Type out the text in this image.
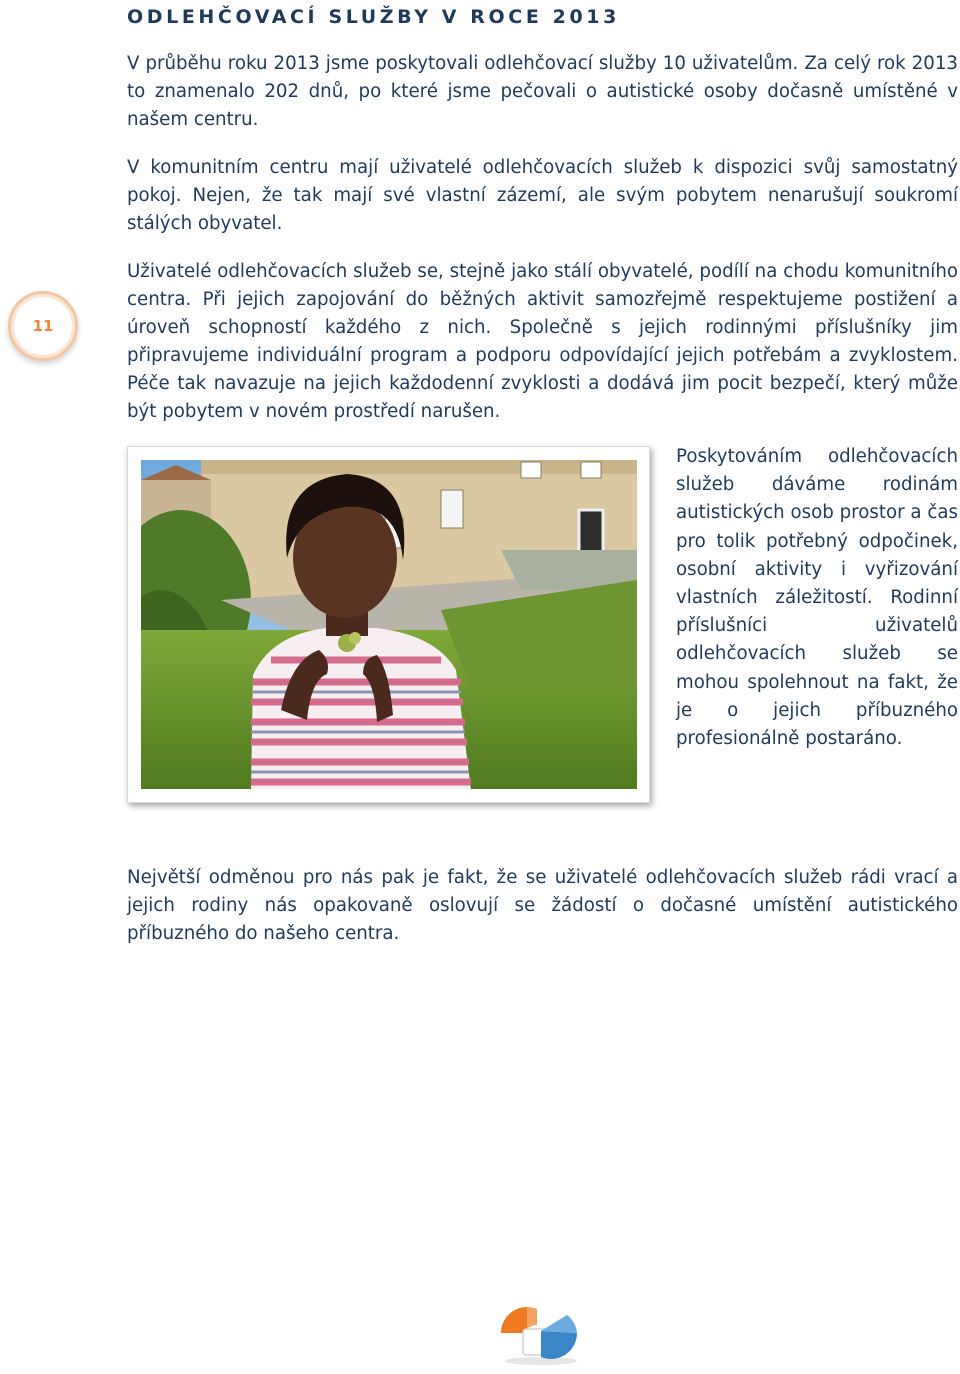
ODLEHČOVACÍ SLUŽBY V ROCE 2013
11

V průběhu roku 2013 jsme poskytovali odlehčovací služby 10 uživatelům. Za celý rok 2013 to znamenalo 202 dnů, po které jsme pečovali o autistické osoby dočasně umístěné v našem centru.

V komunitním centru mají uživatelé odlehčovacích služeb k dispozici svůj samostatný pokoj. Nejen, že tak mají své vlastní zázemí, ale svým pobytem nenarušují soukromí stálých obyvatel.

Uživatelé odlehčovacích služeb se, stejně jako stálí obyvatelé, podílí na chodu komunitního centra. Při jejich zapojování do běžných aktivit samozřejmě respektujeme postižení a úroveň schopností každého z nich. Společně s jejich rodinnými příslušníky jim připravujeme individuální program a podporu odpovídající jejich potřebám a zvyklostem. Péče tak navazuje na jejich každodenní zvyklosti a dodává jim pocit bezpečí, který může být pobytem v novém prostředí narušen.

Poskytováním odlehčovacích služeb dáváme rodinám autistických osob prostor a čas pro tolik potřebný odpočinek, osobní aktivity i vyřizování vlastních záležitostí. Rodinní příslušníci uživatelů odlehčovacích služeb se mohou spolehnout na fakt, že je o jejich příbuzného profesionálně postaráno.

Největší odměnou pro nás pak je fakt, že se uživatelé odlehčovacích služeb rádi vrací a jejich rodiny nás opakovaně oslovují se žádostí o dočasné umístění autistického příbuzného do našeho centra.
